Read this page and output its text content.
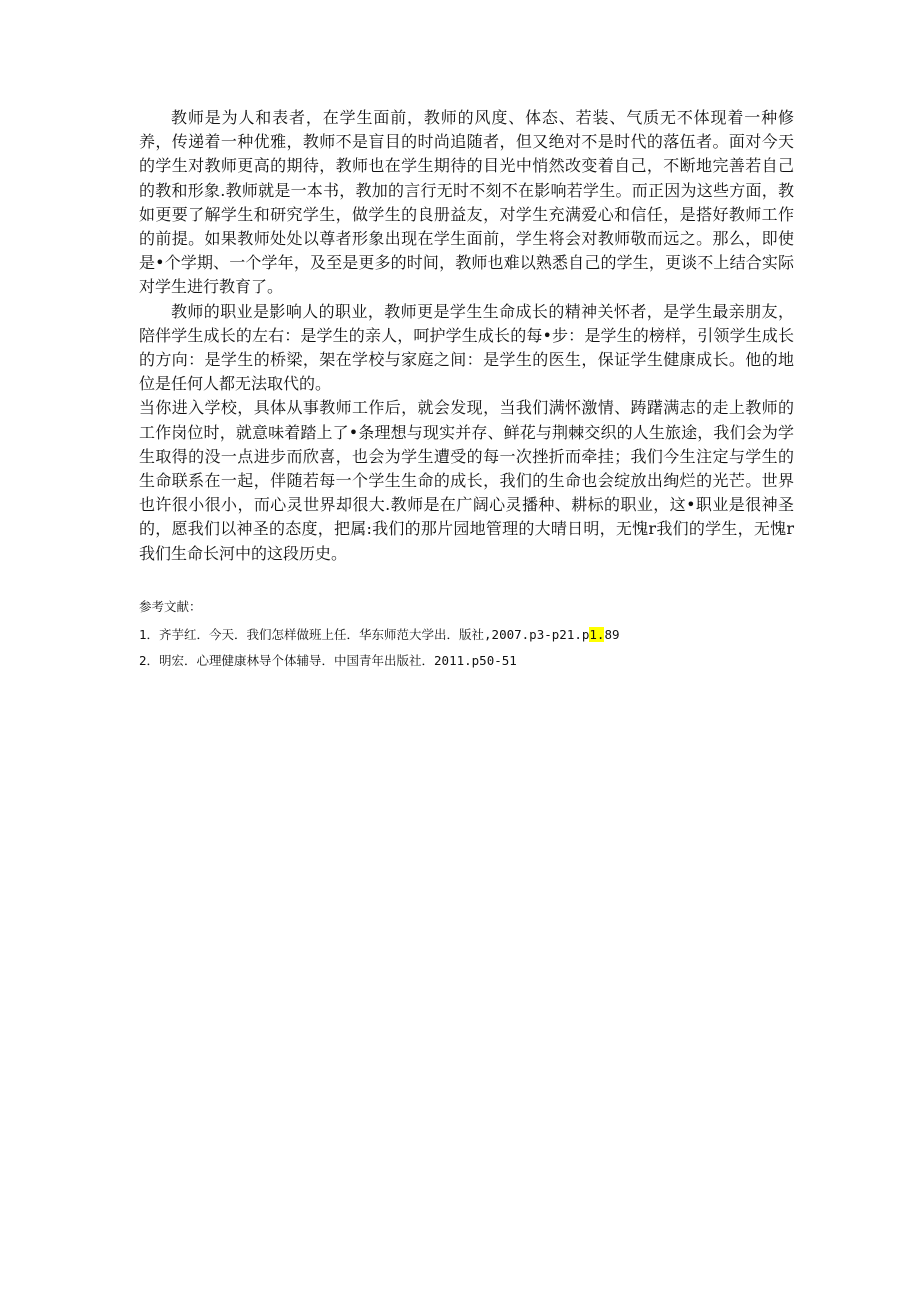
教师是为人和表者，在学生面前，教师的风度、体态、若装、气质无不体现着一种修养，传递着一种优雅，教师不是盲目的时尚追随者，但又绝对不是时代的落伍者。面对今天的学生对教师更高的期待，教师也在学生期待的目光中悄然改变着自己，不断地完善若自己的教和形象.教师就是一本书，教加的言行无时不刻不在影响若学生。而正因为这些方面，教如更要了解学生和研究学生，做学生的良册益友，对学生充满爱心和信任，是搭好教师工作的前提。如果教师处处以尊者形象出现在学生面前，学生将会对教师敬而远之。那么，即使是•个学期、一个学年，及至是更多的时间，教师也难以熟悉自己的学生，更谈不上结合实际对学生进行教育了。

教师的职业是影响人的职业，教师更是学生生命成长的精神关怀者，是学生最亲朋友，陪伴学生成长的左右：是学生的亲人，呵护学生成长的每•步：是学生的榜样，引领学生成长的方向：是学生的桥梁，架在学校与家庭之间：是学生的医生，保证学生健康成长。他的地位是任何人都无法取代的。

当你进入学校，具体从事教师工作后，就会发现，当我们满怀激情、踌躇满志的走上教师的工作岗位时，就意味着踏上了•条理想与现实并存、鲜花与荆棘交织的人生旅途，我们会为学生取得的没一点进步而欣喜，也会为学生遭受的每一次挫折而牵挂；我们今生注定与学生的生命联系在一起，伴随若每一个学生生命的成长，我们的生命也会绽放出绚烂的光芒。世界也许很小很小，而心灵世界却很大.教师是在广阔心灵播种、耕标的职业，这•职业是很神圣的，愿我们以神圣的态度，把属:我们的那片园地管理的大晴日明，无愧r我们的学生，无愧r我们生命长河中的这段历史。

参考文献：

1．齐芋红．今天．我们怎样做班上任．华东师范大学出．版社,2007.p3-p21.p1.89

2．明宏．心理健康林导个体辅导．中国青年出版社．2011.p50-51
